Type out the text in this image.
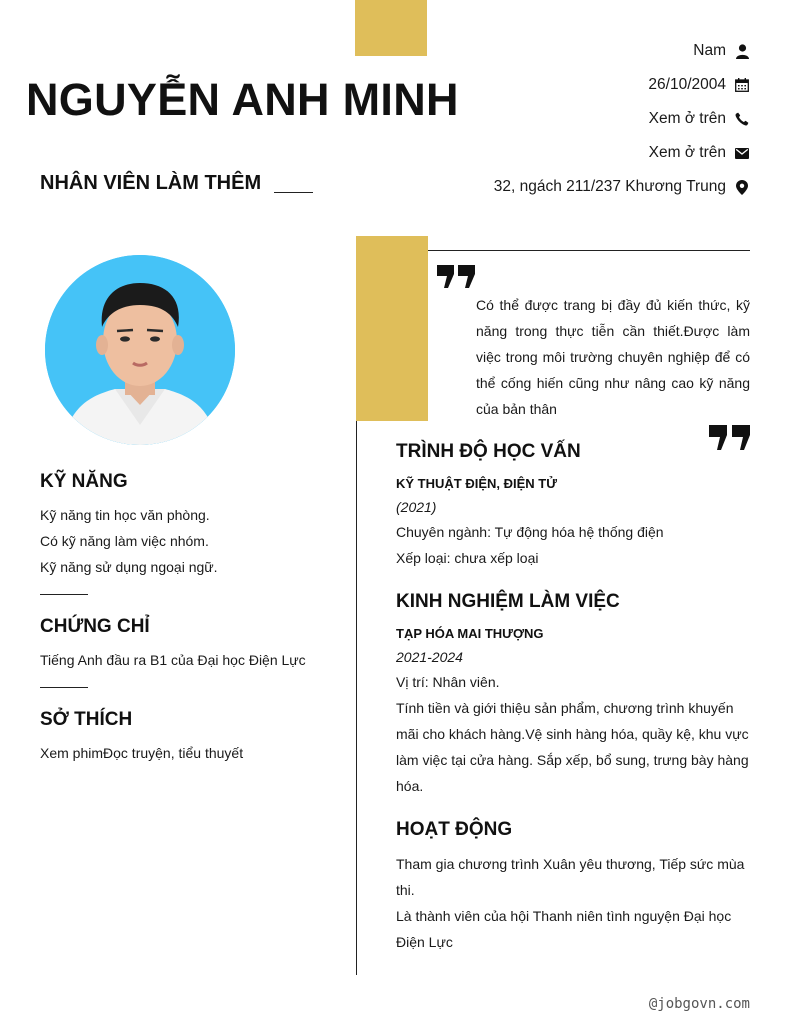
NGUYỄN ANH MINH
NHÂN VIÊN LÀM THÊM
Nam
26/10/2004
Xem ở trên
Xem ở trên
32, ngách 211/237 Khương Trung
KỸ NĂNG
Kỹ năng tin học văn phòng.
Có kỹ năng làm việc nhóm.
Kỹ năng sử dụng ngoại ngữ.
CHỨNG CHỈ
Tiếng Anh đầu ra B1 của Đại học Điện Lực
SỞ THÍCH
Xem phimĐọc truyện, tiểu thuyết
Có thể được trang bị đầy đủ kiến thức, kỹ năng trong thực tiễn cần thiết.Được làm việc trong môi trường chuyên nghiệp để có thể cống hiến cũng như nâng cao kỹ năng của bản thân
TRÌNH ĐỘ HỌC VẤN
KỸ THUẬT ĐIỆN, ĐIỆN TỬ
(2021)
Chuyên ngành: Tự động hóa hệ thống điện
Xếp loại: chưa xếp loại
KINH NGHIỆM LÀM VIỆC
TẠP HÓA MAI THƯỢNG
2021-2024
Vị trí: Nhân viên.
Tính tiền và giới thiệu sản phẩm, chương trình khuyến mãi cho khách hàng.Vệ sinh hàng hóa, quầy kệ, khu vực làm việc tại cửa hàng. Sắp xếp, bổ sung, trưng bày hàng hóa.
HOẠT ĐỘNG
Tham gia chương trình Xuân yêu thương, Tiếp sức mùa thi.
Là thành viên của hội Thanh niên tình nguyện Đại học Điện Lực
@jobgovn.com
